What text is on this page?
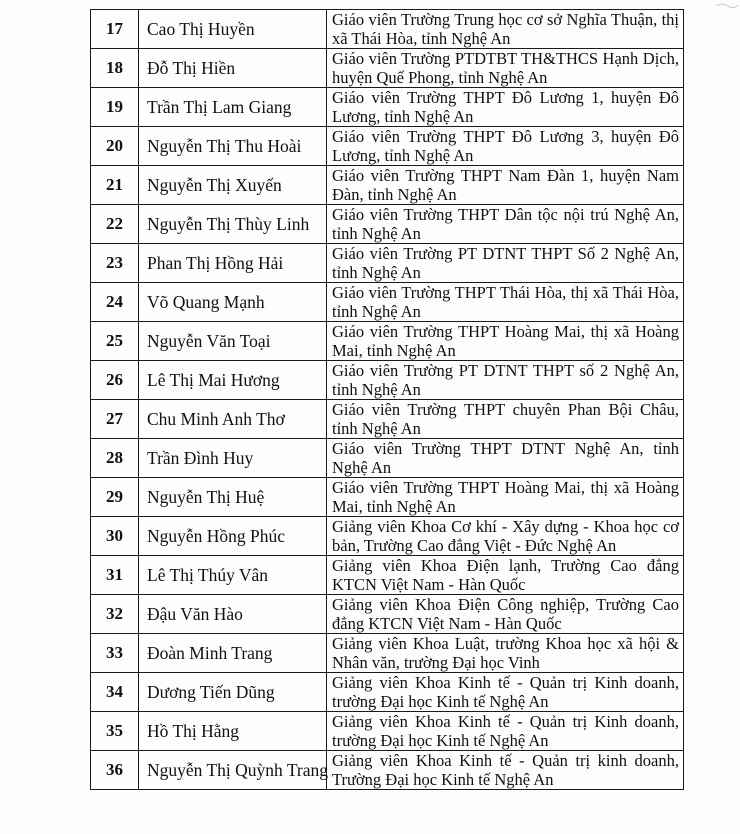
17	Cao Thị Huyền	Giáo viên Trường Trung học cơ sở Nghĩa Thuận, thị xã Thái Hòa, tỉnh Nghệ An

18	Đỗ Thị Hiền	Giáo viên Trường PTDTBT TH&THCS Hạnh Dịch, huyện Quế Phong, tỉnh Nghệ An

19	Trần Thị Lam Giang	Giáo viên Trường THPT Đô Lương 1, huyện Đô Lương, tỉnh Nghệ An

20	Nguyễn Thị Thu Hoài	Giáo viên Trường THPT Đô Lương 3, huyện Đô Lương, tỉnh Nghệ An

21	Nguyễn Thị Xuyến	Giáo viên Trường THPT Nam Đàn 1, huyện Nam Đàn, tỉnh Nghệ An

22	Nguyễn Thị Thùy Linh	Giáo viên Trường THPT Dân tộc nội trú Nghệ An, tỉnh Nghệ An

23	Phan Thị Hồng Hải	Giáo viên Trường PT DTNT THPT Số 2 Nghệ An, tỉnh Nghệ An

24	Võ Quang Mạnh	Giáo viên Trường THPT Thái Hòa, thị xã Thái Hòa, tỉnh Nghệ An

25	Nguyễn Văn Toại	Giáo viên Trường THPT Hoàng Mai, thị xã Hoàng Mai, tỉnh Nghệ An

26	Lê Thị Mai Hương	Giáo viên Trường PT DTNT THPT số 2 Nghệ An, tỉnh Nghệ An

27	Chu Minh Anh Thơ	Giáo viên Trường THPT chuyên Phan Bội Châu, tỉnh Nghệ An

28	Trần Đình Huy	Giáo viên Trường THPT DTNT Nghệ An, tỉnh Nghệ An

29	Nguyễn Thị Huệ	Giáo viên Trường THPT Hoàng Mai, thị xã Hoàng Mai, tỉnh Nghệ An

30	Nguyễn Hồng Phúc	Giảng viên Khoa Cơ khí - Xây dựng - Khoa học cơ bản, Trường Cao đẳng Việt - Đức Nghệ An

31	Lê Thị Thúy Vân	Giảng viên Khoa Điện lạnh, Trường Cao đẳng KTCN Việt Nam - Hàn Quốc

32	Đậu Văn Hào	Giảng viên Khoa Điện Công nghiệp, Trường Cao đẳng KTCN Việt Nam - Hàn Quốc

33	Đoàn Minh Trang	Giảng viên Khoa Luật, trường Khoa học xã hội & Nhân văn, trường Đại học Vinh

34	Dương Tiến Dũng	Giảng viên Khoa Kinh tế - Quản trị Kinh doanh, trường Đại học Kinh tế Nghệ An

35	Hồ Thị Hằng	Giảng viên Khoa Kinh tế - Quản trị Kinh doanh, trường Đại học Kinh tế Nghệ An

36	Nguyễn Thị Quỳnh Trang	Giảng viên Khoa Kinh tế - Quản trị kinh doanh, Trường Đại học Kinh tế Nghệ An
